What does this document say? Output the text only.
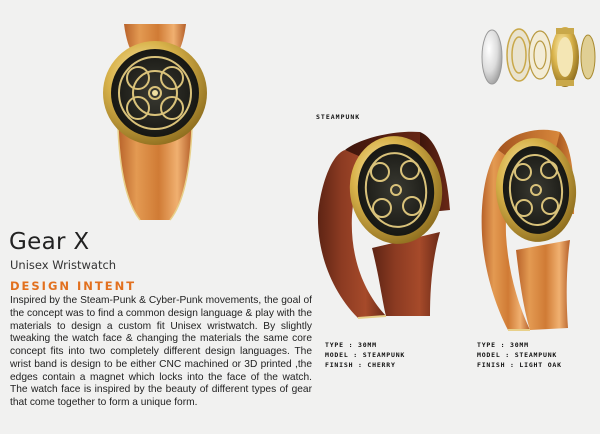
STEAMPUNK
Gear X
Unisex Wristwatch
DESIGN INTENT
Inspired by the Steam-Punk & Cyber-Punk movements, the goal of the concept was to find a common design language & play with the materials to design a custom fit Unisex wristwatch. By slightly tweaking the watch face & changing the materials the same core concept fits into two completely different design languages. The wrist band is design to be either CNC machined or 3D printed ,the edges contain a magnet which locks into the face of the watch. The watch face is inspired by the beauty of different types of gear that come together to form a unique form.
TYPE : 30MM
MODEL : STEAMPUNK
FINISH : CHERRY
TYPE : 30MM
MODEL : STEAMPUNK
FINISH : LIGHT OAK
